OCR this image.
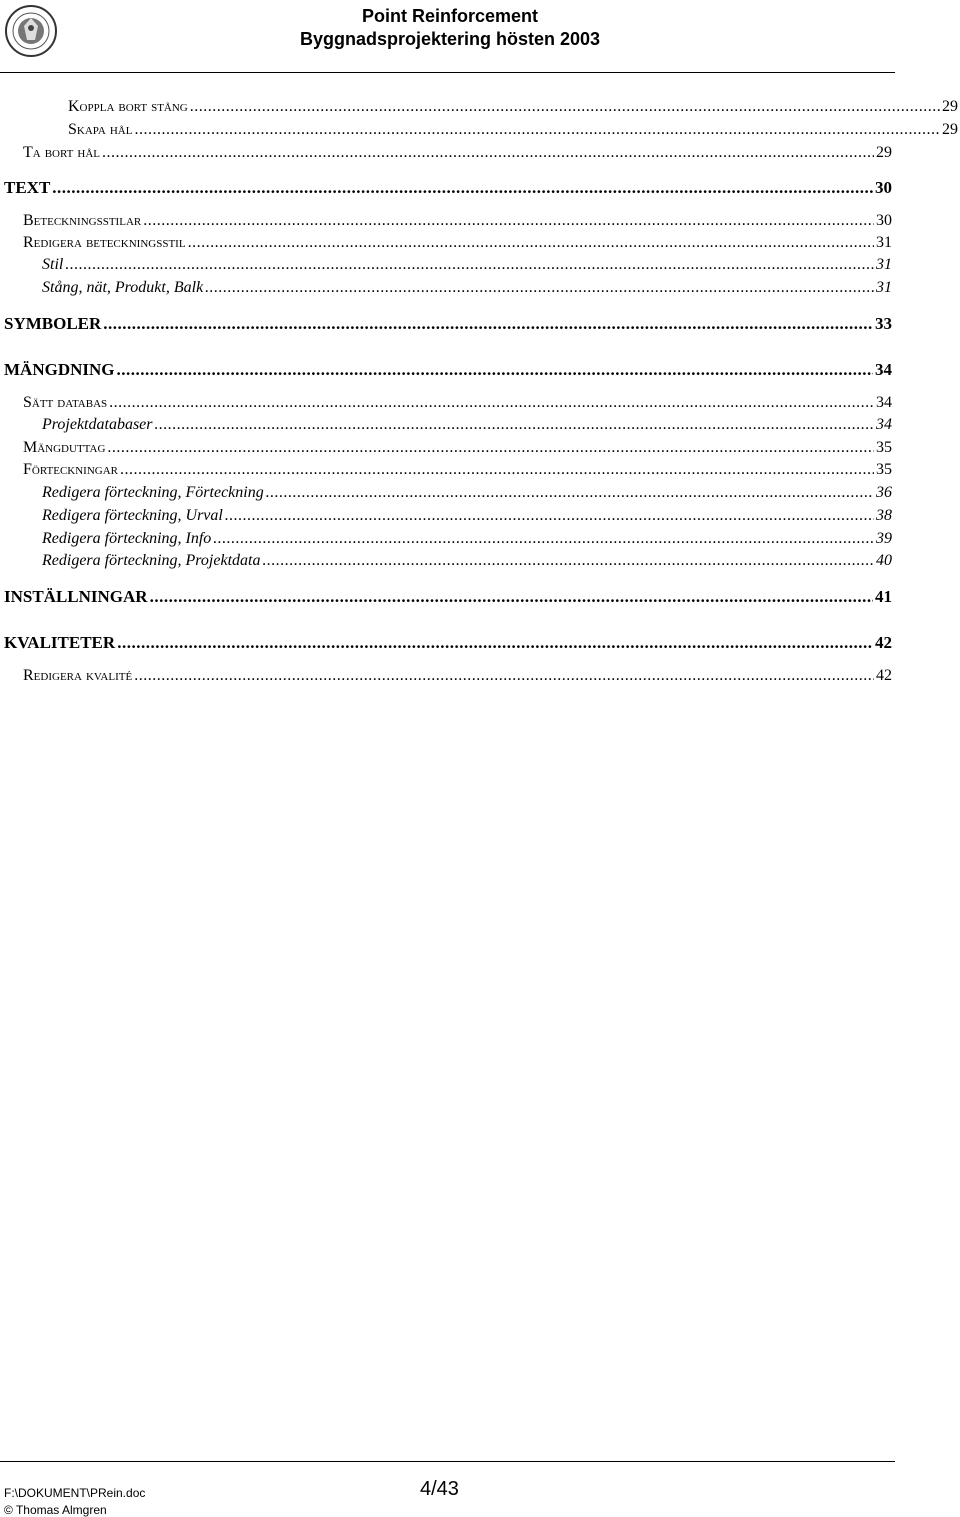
Point Reinforcement
Byggnadsprojektering hösten 2003
Koppla bort stång .....	29
Skapa hål .....	29
Ta bort hål .....	29
TEXT .....	30
Beteckningsstilar .....	30
Redigera beteckningsstil .....	31
Stil .....	31
Stång, nät, Produkt, Balk .....	31
SYMBOLER .....	33
MÄNGDNING .....	34
Sätt databas .....	34
Projektdatabaser .....	34
Mängduttag .....	35
Förteckningar .....	35
Redigera förteckning, Förteckning .....	36
Redigera förteckning, Urval .....	38
Redigera förteckning, Info .....	39
Redigera förteckning, Projektdata .....	40
INSTÄLLNINGAR .....	41
KVALITETER .....	42
Redigera kvalité .....	42
F:\DOKUMENT\PRein.doc
© Thomas Almgren
4/43
